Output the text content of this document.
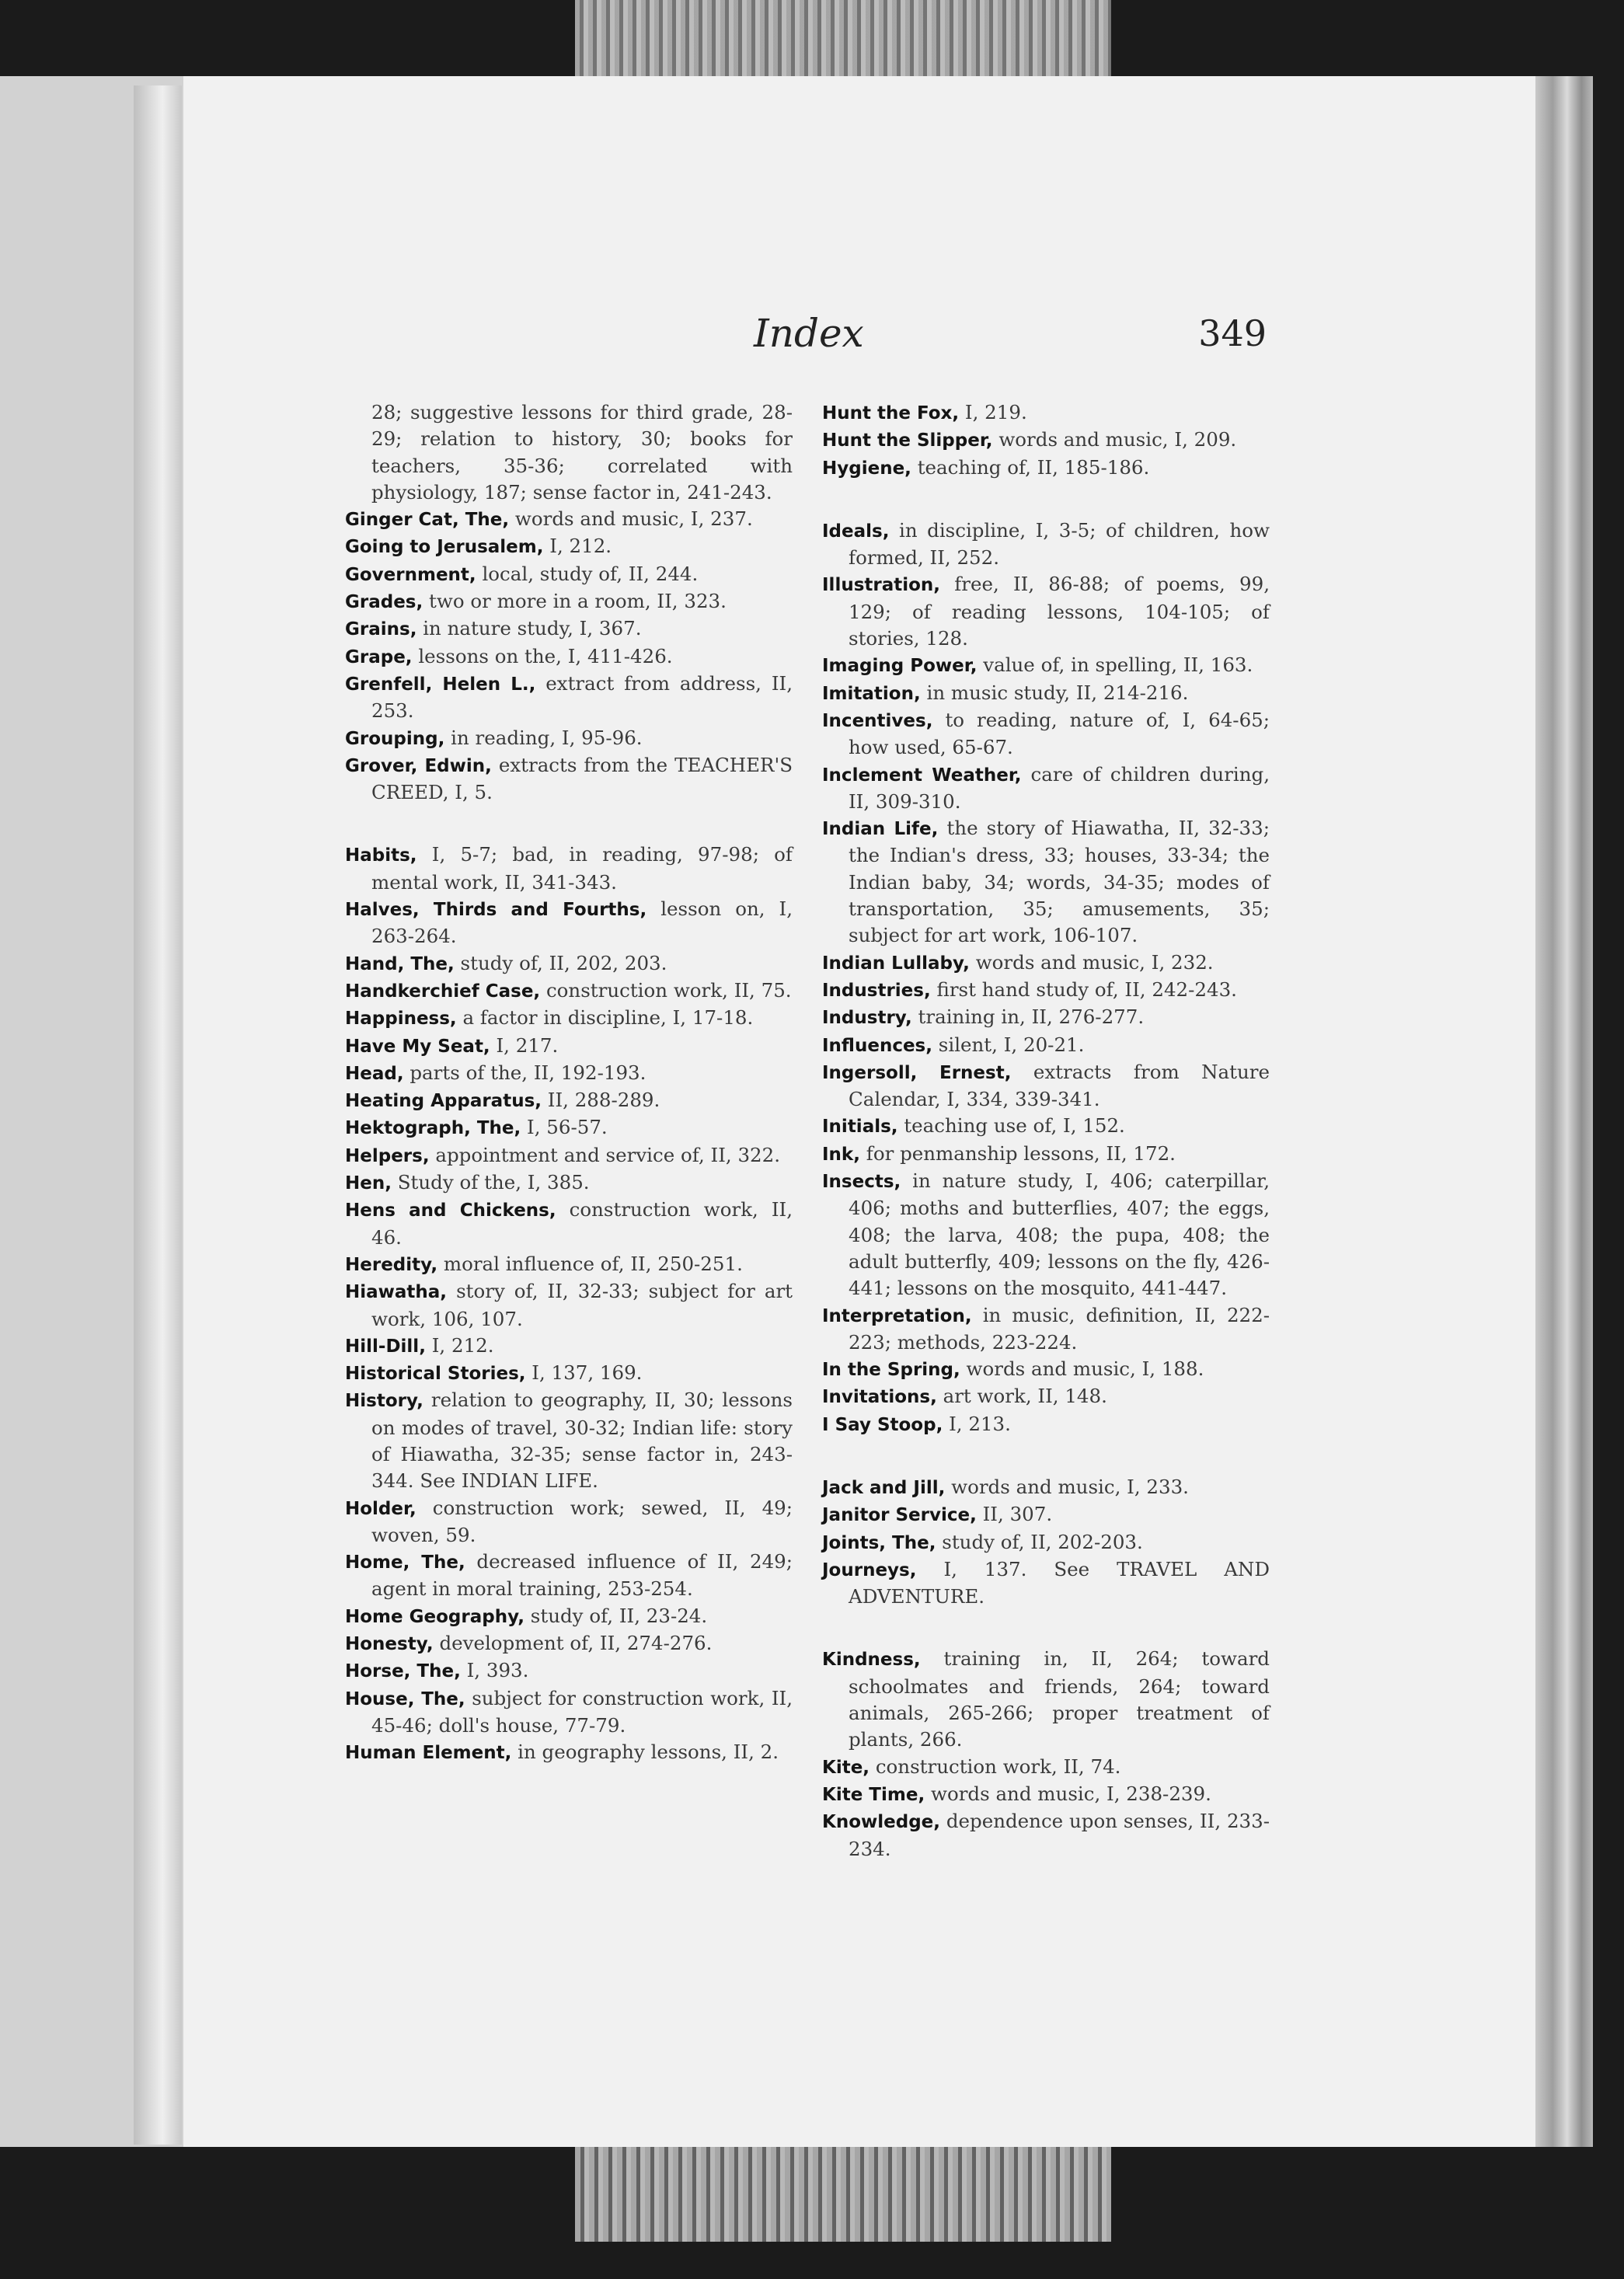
Index	349
28; suggestive lessons for third grade, 28-29; relation to history, 30; books for teachers, 35-36; correlated with physiology, 187; sense factor in, 241-243.
Ginger Cat, The, words and music, I, 237.
Going to Jerusalem, I, 212.
Government, local, study of, II, 244.
Grades, two or more in a room, II, 323.
Grains, in nature study, I, 367.
Grape, lessons on the, I, 411-426.
Grenfell, Helen L., extract from address, II, 253.
Grouping, in reading, I, 95-96.
Grover, Edwin, extracts from the TEACHER'S CREED, I, 5.
Habits, I, 5-7; bad, in reading, 97-98; of mental work, II, 341-343.
Halves, Thirds and Fourths, lesson on, I, 263-264.
Hand, The, study of, II, 202, 203.
Handkerchief Case, construction work, II, 75.
Happiness, a factor in discipline, I, 17-18.
Have My Seat, I, 217.
Head, parts of the, II, 192-193.
Heating Apparatus, II, 288-289.
Hektograph, The, I, 56-57.
Helpers, appointment and service of, II, 322.
Hen, Study of the, I, 385.
Hens and Chickens, construction work, II, 46.
Heredity, moral influence of, II, 250-251.
Hiawatha, story of, II, 32-33; subject for art work, 106, 107.
Hill-Dill, I, 212.
Historical Stories, I, 137, 169.
History, relation to geography, II, 30; lessons on modes of travel, 30-32; Indian life: story of Hiawatha, 32-35; sense factor in, 243-344. See INDIAN LIFE.
Holder, construction work; sewed, II, 49; woven, 59.
Home, The, decreased influence of II, 249; agent in moral training, 253-254.
Home Geography, study of, II, 23-24.
Honesty, development of, II, 274-276.
Horse, The, I, 393.
House, The, subject for construction work, II, 45-46; doll's house, 77-79.
Human Element, in geography lessons, II, 2.
Hunt the Fox, I, 219.
Hunt the Slipper, words and music, I, 209.
Hygiene, teaching of, II, 185-186.
Ideals, in discipline, I, 3-5; of children, how formed, II, 252.
Illustration, free, II, 86-88; of poems, 99, 129; of reading lessons, 104-105; of stories, 128.
Imaging Power, value of, in spelling, II, 163.
Imitation, in music study, II, 214-216.
Incentives, to reading, nature of, I, 64-65; how used, 65-67.
Inclement Weather, care of children during, II, 309-310.
Indian Life, the story of Hiawatha, II, 32-33; the Indian's dress, 33; houses, 33-34; the Indian baby, 34; words, 34-35; modes of transportation, 35; amusements, 35; subject for art work, 106-107.
Indian Lullaby, words and music, I, 232.
Industries, first hand study of, II, 242-243.
Industry, training in, II, 276-277.
Influences, silent, I, 20-21.
Ingersoll, Ernest, extracts from Nature Calendar, I, 334, 339-341.
Initials, teaching use of, I, 152.
Ink, for penmanship lessons, II, 172.
Insects, in nature study, I, 406; caterpillar, 406; moths and butterflies, 407; the eggs, 408; the larva, 408; the pupa, 408; the adult butterfly, 409; lessons on the fly, 426-441; lessons on the mosquito, 441-447.
Interpretation, in music, definition, II, 222-223; methods, 223-224.
In the Spring, words and music, I, 188.
Invitations, art work, II, 148.
I Say Stoop, I, 213.
Jack and Jill, words and music, I, 233.
Janitor Service, II, 307.
Joints, The, study of, II, 202-203.
Journeys, I, 137. See TRAVEL AND ADVENTURE.
Kindness, training in, II, 264; toward schoolmates and friends, 264; toward animals, 265-266; proper treatment of plants, 266.
Kite, construction work, II, 74.
Kite Time, words and music, I, 238-239.
Knowledge, dependence upon senses, II, 233-234.
